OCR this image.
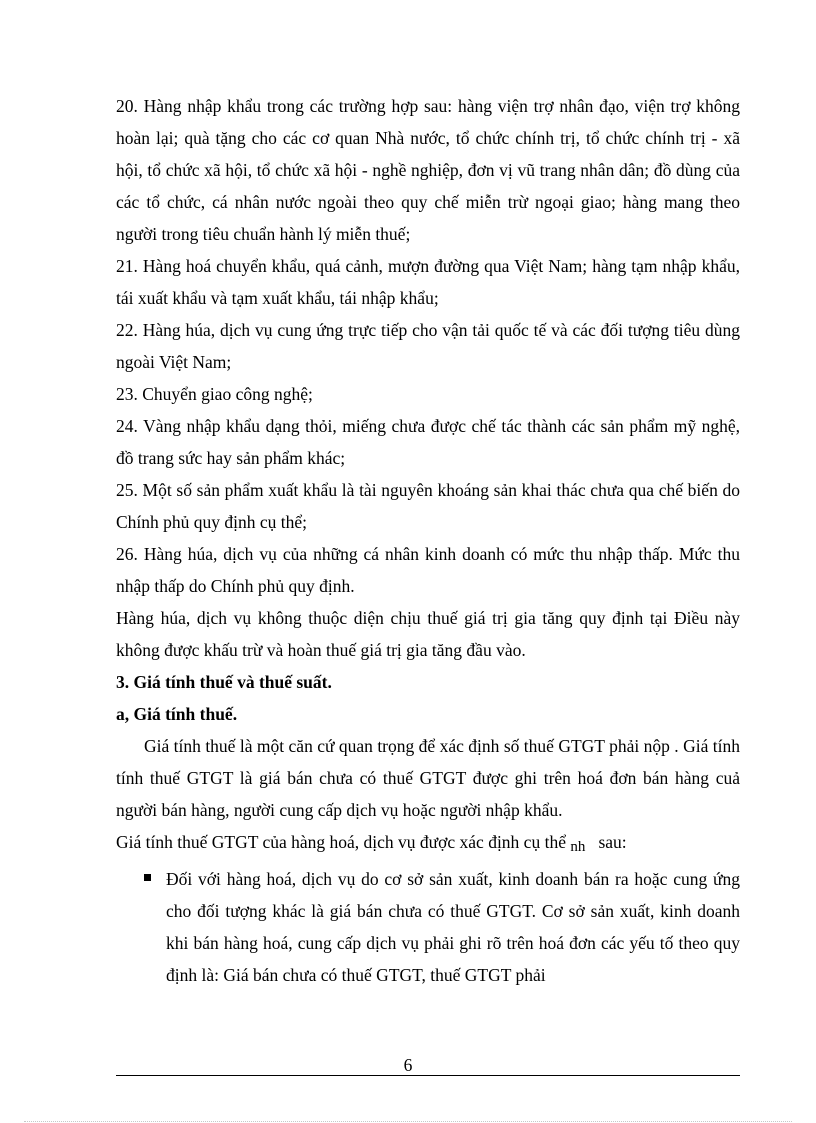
20. Hàng nhập khẩu trong các trường hợp sau: hàng viện trợ nhân đạo, viện trợ không hoàn lại; quà tặng cho các cơ quan Nhà nước, tổ chức chính trị, tổ chức chính trị - xã hội, tổ chức xã hội, tổ chức xã hội - nghề nghiệp, đơn vị vũ trang nhân dân; đồ dùng của các tổ chức, cá nhân nước ngoài theo quy chế miễn trừ ngoại giao; hàng mang theo người trong tiêu chuẩn hành lý miễn thuế;

21. Hàng hoá chuyển khẩu, quá cảnh, mượn đường qua Việt Nam; hàng tạm nhập khẩu, tái xuất khẩu và tạm xuất khẩu, tái nhập khẩu;

22. Hàng húa, dịch vụ cung ứng trực tiếp cho vận tải quốc tế và các đối tượng tiêu dùng ngoài Việt Nam;

23. Chuyển giao công nghệ;

24. Vàng nhập khẩu dạng thỏi, miếng chưa được chế tác thành các sản phẩm mỹ nghệ, đồ trang sức hay sản phẩm khác;

25. Một số sản phẩm xuất khẩu là tài nguyên khoáng sản khai thác chưa qua chế biến do Chính phủ quy định cụ thể;

26. Hàng húa, dịch vụ của những cá nhân kinh doanh có mức thu nhập thấp. Mức thu nhập thấp do Chính phủ quy định.

Hàng húa, dịch vụ không thuộc diện chịu thuế giá trị gia tăng quy định tại Điều này không được khấu trừ và hoàn thuế giá trị gia tăng đầu vào.

3. Giá tính thuế và thuế suất.

a, Giá tính thuế.

Giá tính thuế là một căn cứ quan trọng để xác định số thuế GTGT phải nộp . Giá tính tính thuế GTGT là giá bán chưa có thuế GTGT được ghi trên hoá đơn bán hàng cuả người bán hàng, người cung cấp dịch vụ hoặc người nhập khẩu.

Giá tính thuế GTGT của hàng hoá, dịch vụ được xác định cụ thể $_{nh}$ sau:

Đối với hàng hoá, dịch vụ do cơ sở sản xuất, kinh doanh bán ra hoặc cung ứng cho đối tượng khác là giá bán chưa có thuế GTGT. Cơ sở sản xuất, kinh doanh khi bán hàng hoá, cung cấp dịch vụ phải ghi rõ trên hoá đơn các yếu tố theo quy định là: Giá bán chưa có thuế GTGT, thuế GTGT phải

6
